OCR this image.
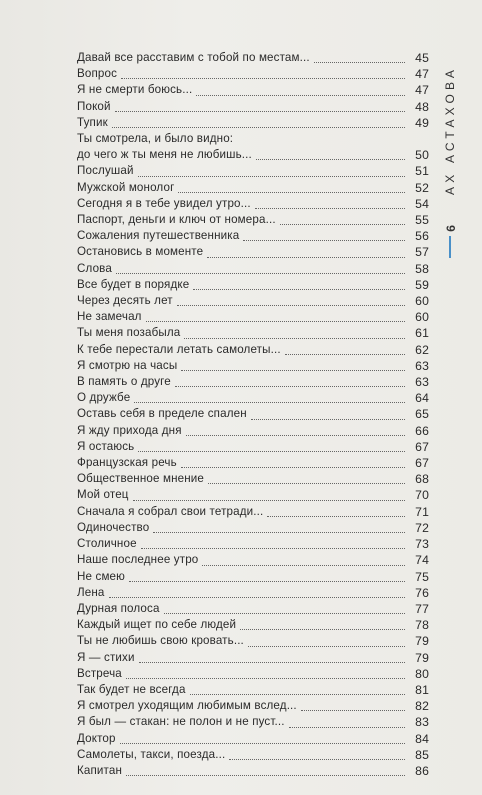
Давай все расставим с тобой по местам...	45
Вопрос	47
Я не смерти боюсь...	47
Покой	48
Тупик	49
Ты смотрела, и было видно:
до чего ж ты меня не любишь...	50
Послушай	51
Мужской монолог	52
Сегодня я в тебе увидел утро...	54
Паспорт, деньги и ключ от номера...	55
Сожаления путешественника	56
Остановись в моменте	57
Слова	58
Все будет в порядке	59
Через десять лет	60
Не замечал	60
Ты меня позабыла	61
К тебе перестали летать самолеты...	62
Я смотрю на часы	63
В память о друге	63
О дружбе	64
Оставь себя в пределе спален	65
Я жду прихода дня	66
Я остаюсь	67
Французская речь	67
Общественное мнение	68
Мой отец	70
Сначала я собрал свои тетради...	71
Одиночество	72
Столичное	73
Наше последнее утро	74
Не смею	75
Лена	76
Дурная полоса	77
Каждый ищет по себе людей	78
Ты не любишь свою кровать...	79
Я — стихи	79
Встреча	80
Так будет не всегда	81
Я смотрел уходящим любимым вслед...	82
Я был — стакан: не полон и не пуст...	83
Доктор	84
Самолеты, такси, поезда...	85
Капитан	86
АХ АСТАХОВА
6
